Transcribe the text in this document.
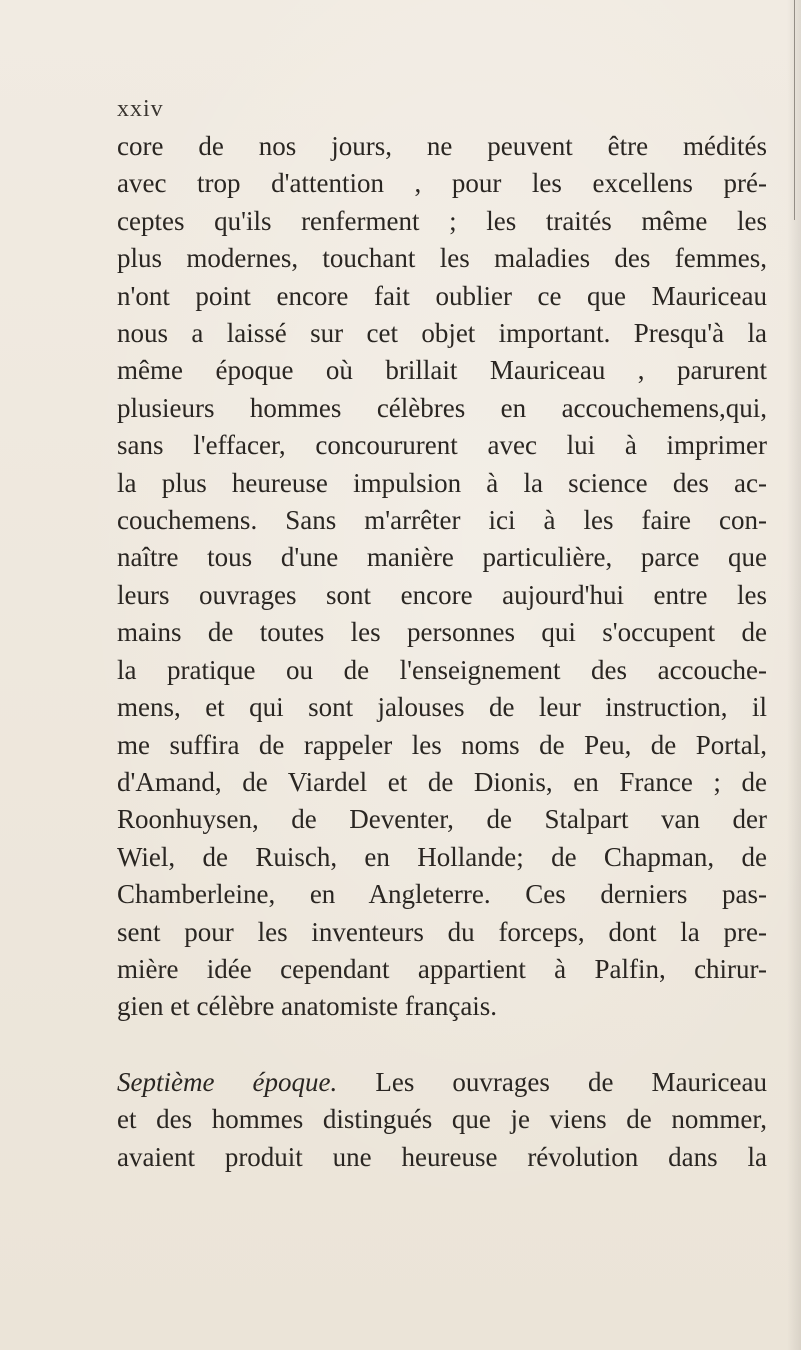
xxiv
core de nos jours, ne peuvent être médités
avec trop d'attention , pour les excellens pré-
ceptes qu'ils renferment ; les traités même les
plus modernes, touchant les maladies des femmes,
n'ont point encore fait oublier ce que Mauriceau
nous a laissé sur cet objet important. Presqu'à la
même époque où brillait Mauriceau , parurent
plusieurs hommes célèbres en accouchemens,qui,
sans l'effacer, concoururent avec lui à imprimer
la plus heureuse impulsion à la science des ac-
couchemens. Sans m'arrêter ici à les faire con-
naître tous d'une manière particulière, parce que
leurs ouvrages sont encore aujourd'hui entre les
mains de toutes les personnes qui s'occupent de
la pratique ou de l'enseignement des accouche-
mens, et qui sont jalouses de leur instruction, il
me suffira de rappeler les noms de Peu, de Portal,
d'Amand, de Viardel et de Dionis, en France ; de
Roonhuysen, de Deventer, de Stalpart van der
Wiel, de Ruisch, en Hollande; de Chapman, de
Chamberleine, en Angleterre. Ces derniers pas-
sent pour les inventeurs du forceps, dont la pre-
mière idée cependant appartient à Palfin, chirur-
gien et célèbre anatomiste français.
Septième époque. Les ouvrages de Mauriceau
et des hommes distingués que je viens de nommer,
avaient produit une heureuse révolution dans la
